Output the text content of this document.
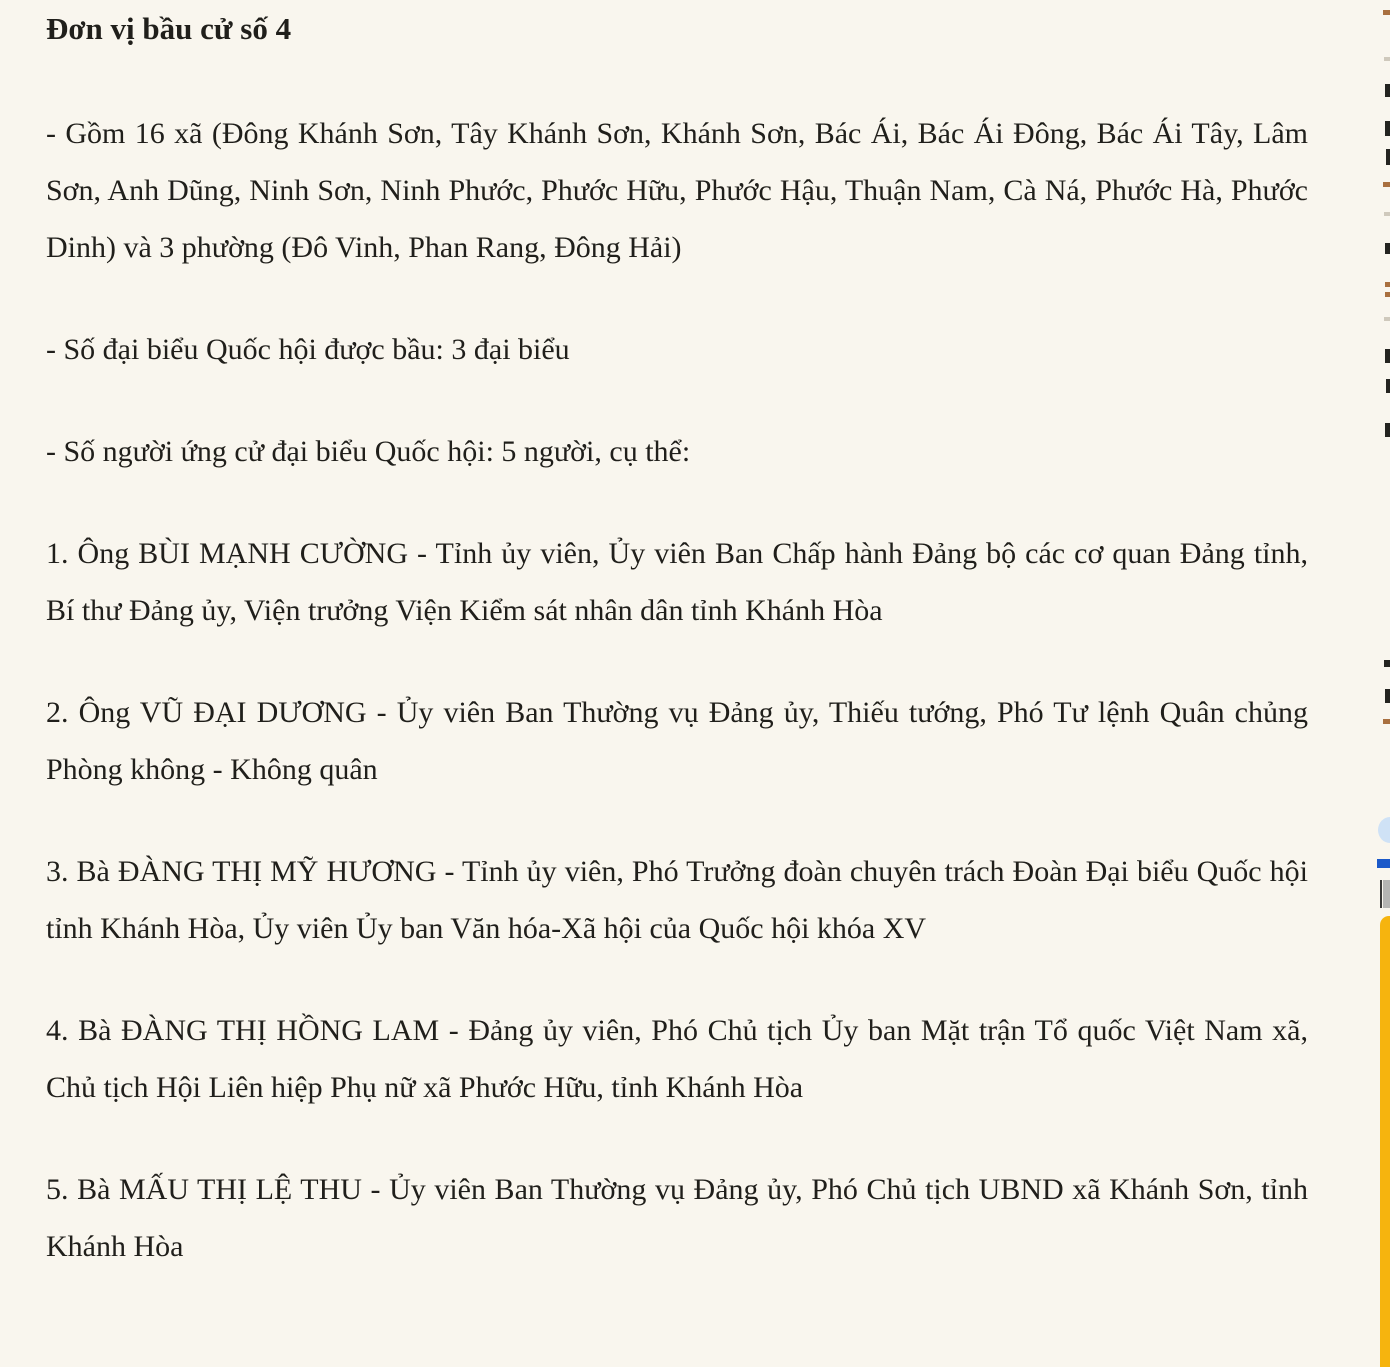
Đơn vị bầu cử số 4

- Gồm 16 xã (Đông Khánh Sơn, Tây Khánh Sơn, Khánh Sơn, Bác Ái, Bác Ái Đông, Bác Ái Tây, Lâm Sơn, Anh Dũng, Ninh Sơn, Ninh Phước, Phước Hữu, Phước Hậu, Thuận Nam, Cà Ná, Phước Hà, Phước Dinh) và 3 phường (Đô Vinh, Phan Rang, Đông Hải)

- Số đại biểu Quốc hội được bầu: 3 đại biểu

- Số người ứng cử đại biểu Quốc hội: 5 người, cụ thể:

1. Ông BÙI MẠNH CƯỜNG - Tỉnh ủy viên, Ủy viên Ban Chấp hành Đảng bộ các cơ quan Đảng tỉnh, Bí thư Đảng ủy, Viện trưởng Viện Kiểm sát nhân dân tỉnh Khánh Hòa

2. Ông VŨ ĐẠI DƯƠNG - Ủy viên Ban Thường vụ Đảng ủy, Thiếu tướng, Phó Tư lệnh Quân chủng Phòng không - Không quân

3. Bà ĐÀNG THỊ MỸ HƯƠNG - Tỉnh ủy viên, Phó Trưởng đoàn chuyên trách Đoàn Đại biểu Quốc hội tỉnh Khánh Hòa, Ủy viên Ủy ban Văn hóa-Xã hội của Quốc hội khóa XV

4. Bà ĐÀNG THỊ HỒNG LAM - Đảng ủy viên, Phó Chủ tịch Ủy ban Mặt trận Tổ quốc Việt Nam xã, Chủ tịch Hội Liên hiệp Phụ nữ xã Phước Hữu, tỉnh Khánh Hòa

5. Bà MẤU THỊ LỆ THU - Ủy viên Ban Thường vụ Đảng ủy, Phó Chủ tịch UBND xã Khánh Sơn, tỉnh Khánh Hòa
